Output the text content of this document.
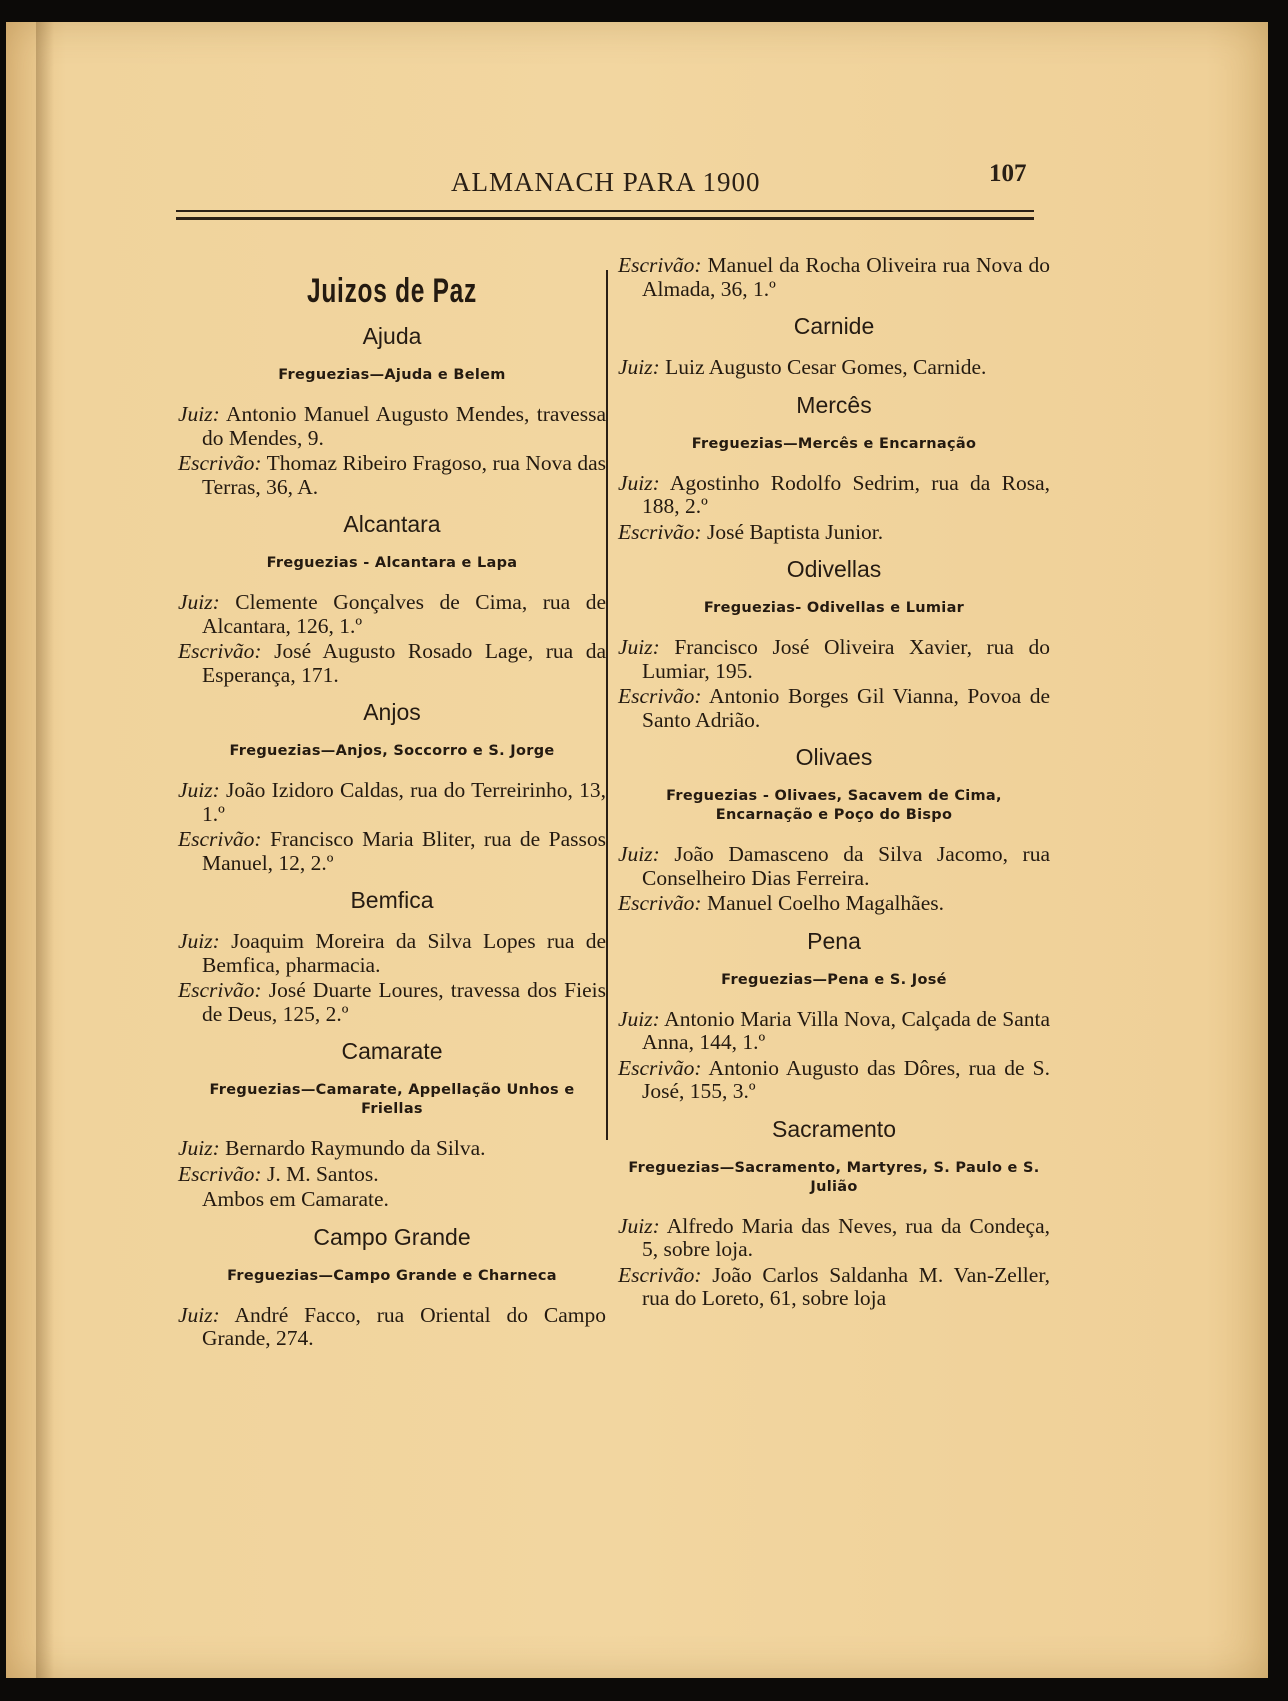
ALMANACH PARA 1900	107
Juizos de Paz
Ajuda
Freguezias—Ajuda e Belem

Juiz: Antonio Manuel Augusto Mendes, travessa do Mendes, 9.

Escrivão: Thomaz Ribeiro Fragoso, rua Nova das Terras, 36, A.

Alcantara
Freguezias - Alcantara e Lapa

Juiz: Clemente Gonçalves de Cima, rua de Alcantara, 126, 1.º

Escrivão: José Augusto Rosado Lage, rua da Esperança, 171.

Anjos
Freguezias—Anjos, Soccorro e S. Jorge

Juiz: João Izidoro Caldas, rua do Terreirinho, 13, 1.º

Escrivão: Francisco Maria Bliter, rua de Passos Manuel, 12, 2.º

Bemfica

Juiz: Joaquim Moreira da Silva Lopes rua de Bemfica, pharmacia.

Escrivão: José Duarte Loures, travessa dos Fieis de Deus, 125, 2.º

Camarate
Freguezias—Camarate, Appellação Unhos e Friellas

Juiz: Bernardo Raymundo da Silva.

Escrivão: J. M. Santos.

Ambos em Camarate.
Campo Grande
Freguezias—Campo Grande e Charneca

Juiz: André Facco, rua Oriental do Campo Grande, 274.

Escrivão: Manuel da Rocha Oliveira rua Nova do Almada, 36, 1.º

Carnide

Juiz: Luiz Augusto Cesar Gomes, Carnide.

Mercês
Freguezias—Mercês e Encarnação

Juiz: Agostinho Rodolfo Sedrim, rua da Rosa, 188, 2.º

Escrivão: José Baptista Junior.

Odivellas
Freguezias- Odivellas e Lumiar

Juiz: Francisco José Oliveira Xavier, rua do Lumiar, 195.

Escrivão: Antonio Borges Gil Vianna, Povoa de Santo Adrião.

Olivaes
Freguezias - Olivaes, Sacavem de Cima, Encarnação e Poço do Bispo

Juiz: João Damasceno da Silva Jacomo, rua Conselheiro Dias Ferreira.

Escrivão: Manuel Coelho Magalhães.

Pena
Freguezias—Pena e S. José

Juiz: Antonio Maria Villa Nova, Calçada de Santa Anna, 144, 1.º

Escrivão: Antonio Augusto das Dôres, rua de S. José, 155, 3.º

Sacramento
Freguezias—Sacramento, Martyres, S. Paulo e S. Julião

Juiz: Alfredo Maria das Neves, rua da Condeça, 5, sobre loja.

Escrivão: João Carlos Saldanha M. Van-Zeller, rua do Loreto, 61, sobre loja
